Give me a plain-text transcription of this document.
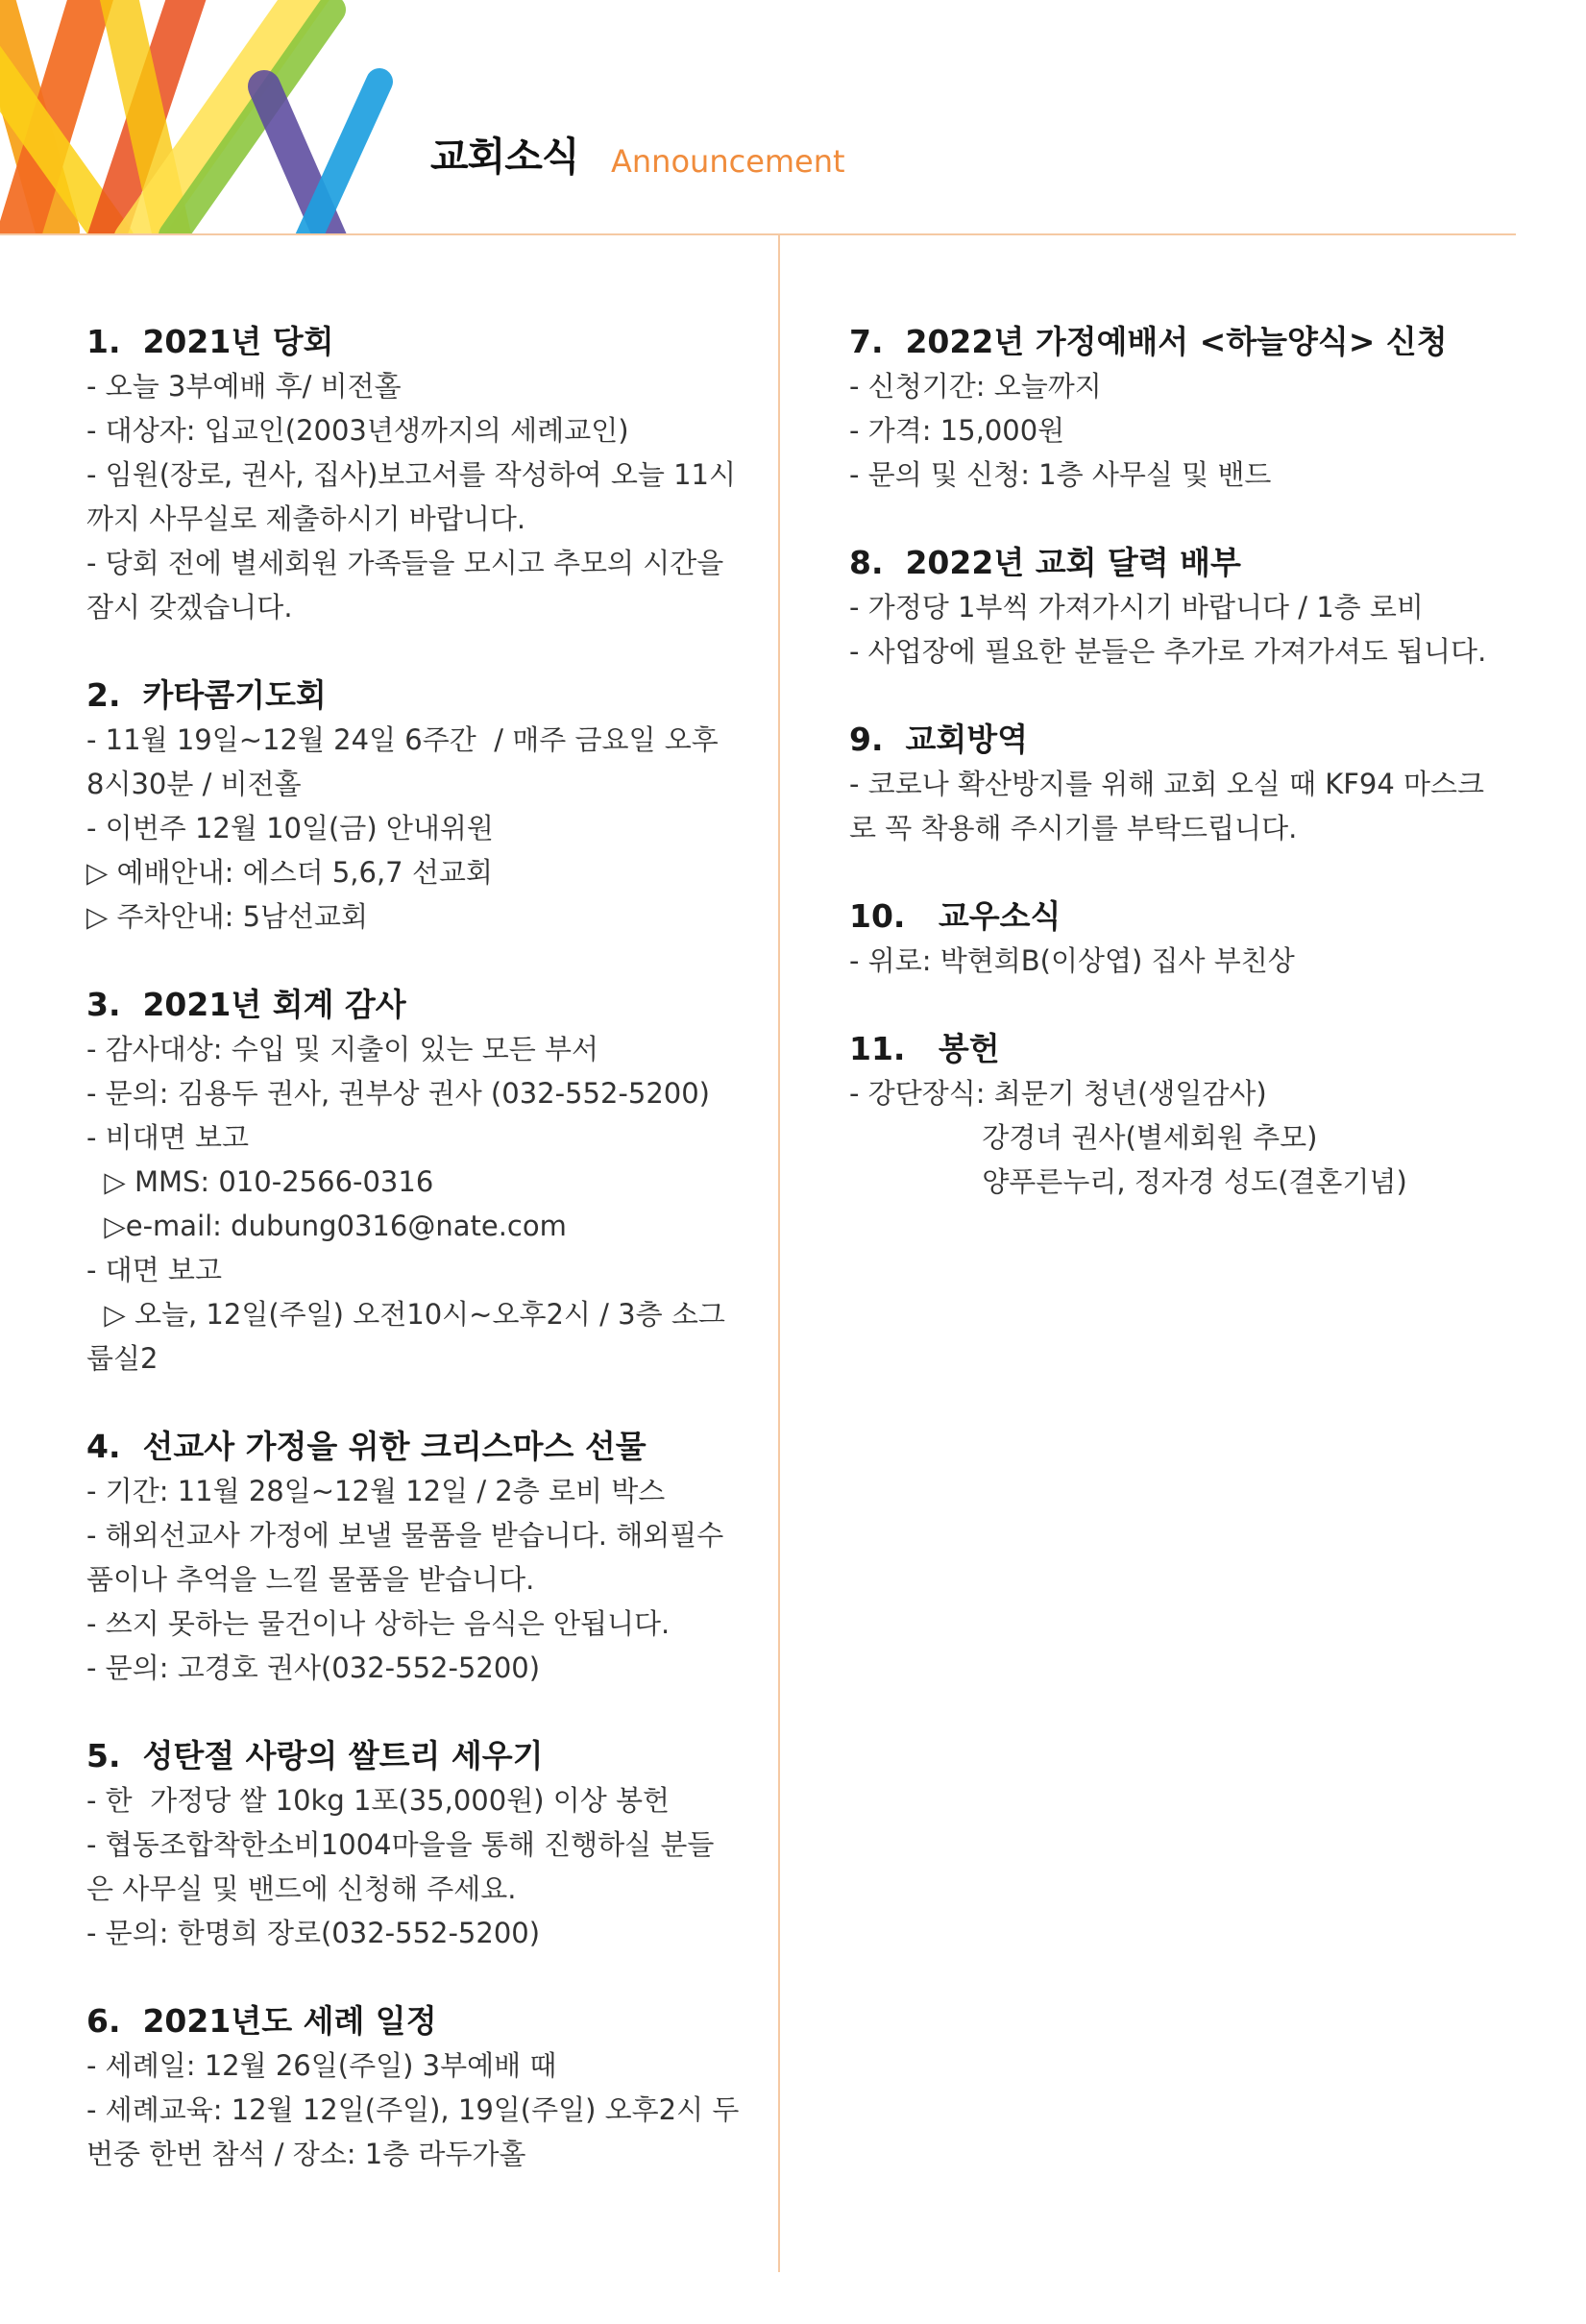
교회소식 Announcement
1.  2021년 당회
- 오늘 3부예배 후/ 비전홀
- 대상자: 입교인(2003년생까지의 세례교인)
- 임원(장로, 권사, 집사)보고서를 작성하여 오늘 11시
까지 사무실로 제출하시기 바랍니다.
- 당회 전에 별세회원 가족들을 모시고 추모의 시간을
잠시 갖겠습니다.
2.  카타콤기도회
- 11월 19일~12월 24일 6주간  / 매주 금요일 오후
8시30분 / 비전홀
- 이번주 12월 10일(금) 안내위원
▷ 예배안내: 에스더 5,6,7 선교회
▷ 주차안내: 5남선교회
3.  2021년 회계 감사
- 감사대상: 수입 및 지출이 있는 모든 부서
- 문의: 김용두 권사, 권부상 권사 (032-552-5200)
- 비대면 보고
▷ MMS: 010-2566-0316
▷e-mail: dubung0316@nate.com
- 대면 보고
▷ 오늘, 12일(주일) 오전10시~오후2시 / 3층 소그
룹실2
4.  선교사 가정을 위한 크리스마스 선물
- 기간: 11월 28일~12월 12일 / 2층 로비 박스
- 해외선교사 가정에 보낼 물품을 받습니다. 해외필수
품이나 추억을 느낄 물품을 받습니다.
- 쓰지 못하는 물건이나 상하는 음식은 안됩니다.
- 문의: 고경호 권사(032-552-5200)
5.  성탄절 사랑의 쌀트리 세우기
- 한  가정당 쌀 10kg 1포(35,000원) 이상 봉헌
- 협동조합착한소비1004마을을 통해 진행하실 분들
은 사무실 및 밴드에 신청해 주세요.
- 문의: 한명희 장로(032-552-5200)
6.  2021년도 세례 일정
- 세례일: 12월 26일(주일) 3부예배 때
- 세례교육: 12월 12일(주일), 19일(주일) 오후2시 두
번중 한번 참석 / 장소: 1층 라두가홀
7.  2022년 가정예배서 <하늘양식> 신청
- 신청기간: 오늘까지
- 가격: 15,000원
- 문의 및 신청: 1층 사무실 및 밴드
8.  2022년 교회 달력 배부
- 가정당 1부씩 가져가시기 바랍니다 / 1층 로비
- 사업장에 필요한 분들은 추가로 가져가셔도 됩니다.
9.  교회방역
- 코로나 확산방지를 위해 교회 오실 때 KF94 마스크
로 꼭 착용해 주시기를 부탁드립니다.
10.   교우소식
- 위로: 박현희B(이상엽) 집사 부친상
11.   봉헌
- 강단장식: 최문기 청년(생일감사)
강경녀 권사(별세회원 추모)
양푸른누리, 정자경 성도(결혼기념)
